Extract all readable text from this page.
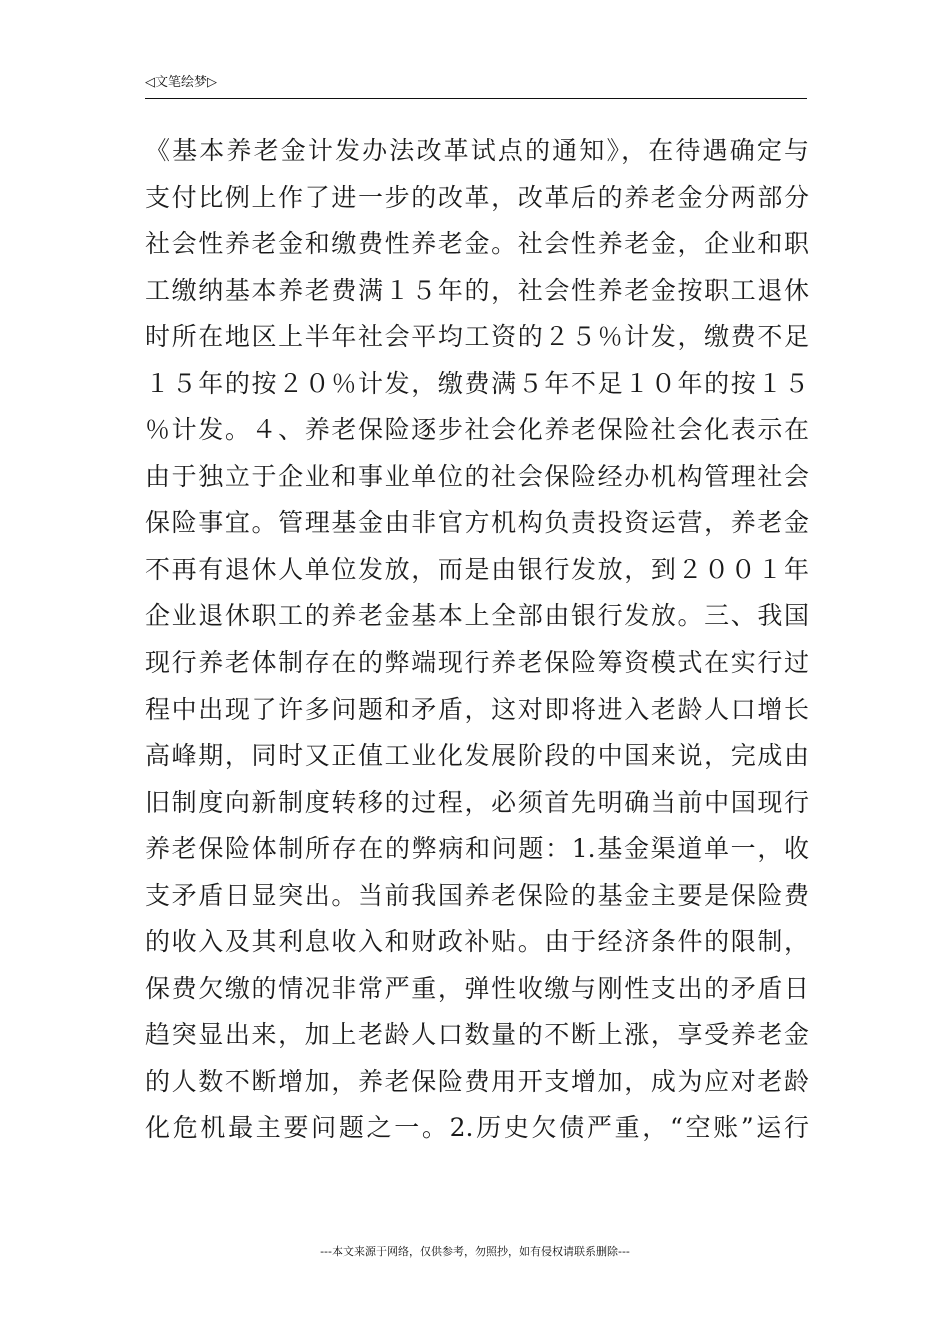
◁文笔绘梦▷
《基本养老金计发办法改革试点的通知》，在待遇确定与
支付比例上作了进一步的改革，改革后的养老金分两部分
社会性养老金和缴费性养老金。社会性养老金，企业和职
工缴纳基本养老费满１５年的，社会性养老金按职工退休
时所在地区上半年社会平均工资的２５％计发，缴费不足
１５年的按２０％计发，缴费满５年不足１０年的按１５
％计发。４、养老保险逐步社会化养老保险社会化表示在
由于独立于企业和事业单位的社会保险经办机构管理社会
保险事宜。管理基金由非官方机构负责投资运营，养老金
不再有退休人单位发放，而是由银行发放，到２００１年
企业退休职工的养老金基本上全部由银行发放。三、我国
现行养老体制存在的弊端现行养老保险筹资模式在实行过
程中出现了许多问题和矛盾，这对即将进入老龄人口增长
高峰期，同时又正值工业化发展阶段的中国来说，完成由
旧制度向新制度转移的过程，必须首先明确当前中国现行
养老保险体制所存在的弊病和问题：1.基金渠道单一，收
支矛盾日显突出。当前我国养老保险的基金主要是保险费
的收入及其利息收入和财政补贴。由于经济条件的限制，
保费欠缴的情况非常严重，弹性收缴与刚性支出的矛盾日
趋突显出来，加上老龄人口数量的不断上涨，享受养老金
的人数不断增加，养老保险费用开支增加，成为应对老龄
化危机最主要问题之一。2.历史欠债严重，“空账”运行
---本文来源于网络，仅供参考，勿照抄，如有侵权请联系删除---
